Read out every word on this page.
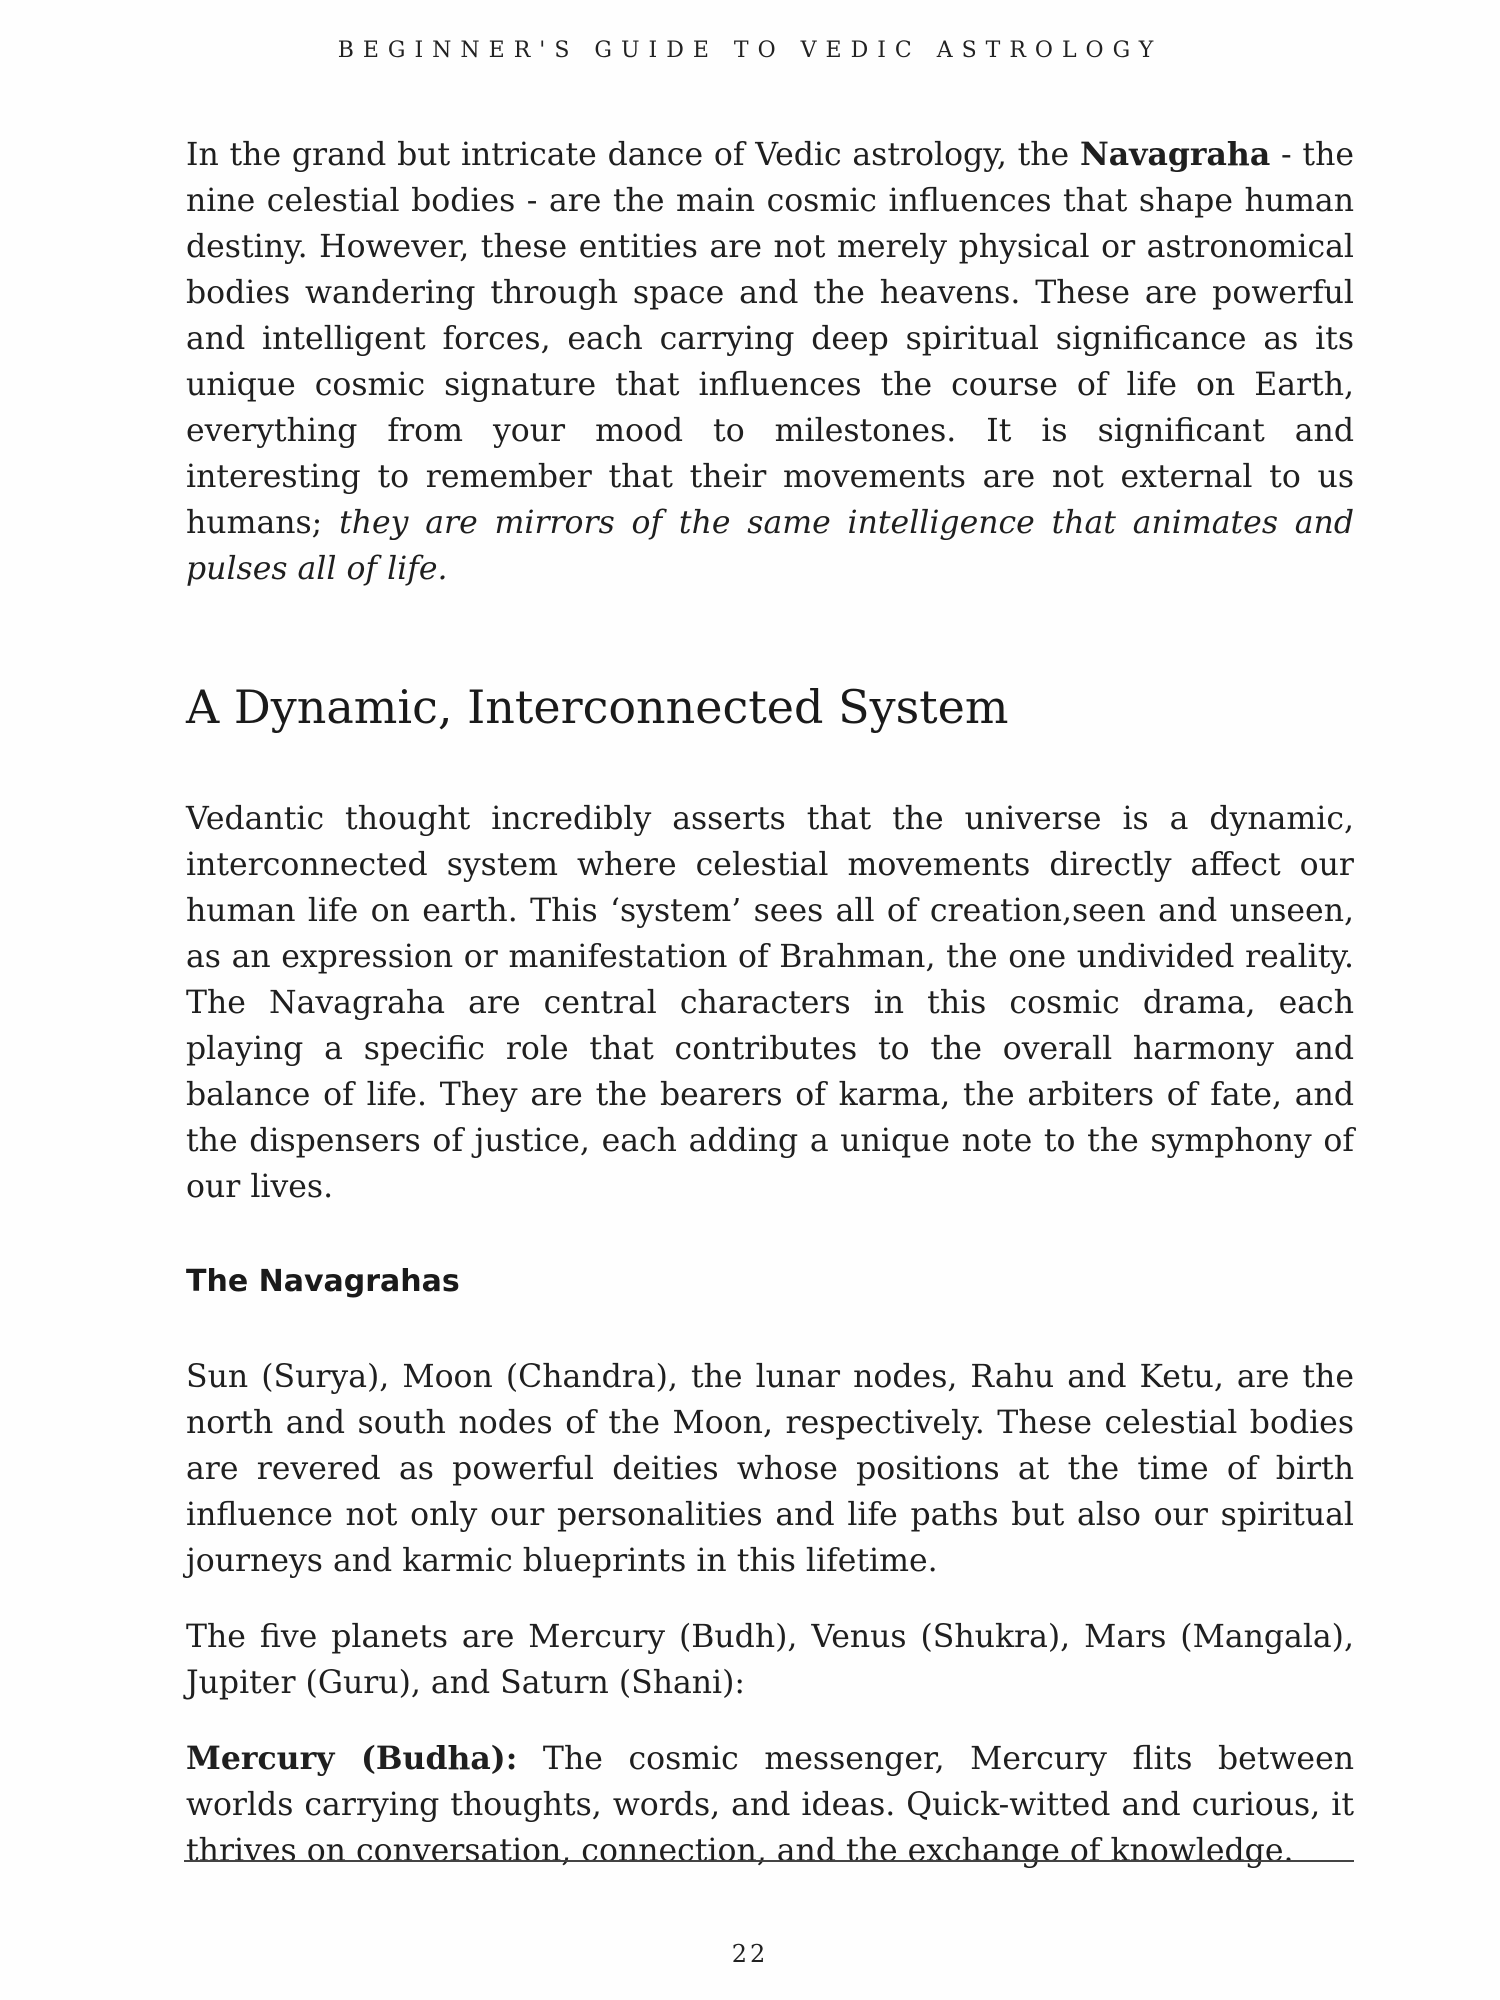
BEGINNER'S GUIDE TO VEDIC ASTROLOGY

In the grand but intricate dance of Vedic astrology, the Navagraha - the nine celestial bodies - are the main cosmic influences that shape human destiny. However, these entities are not merely physical or astronomical bodies wandering through space and the heavens. These are powerful and intelligent forces, each carrying deep spiritual significance as its unique cosmic signature that influences the course of life on Earth, everything from your mood to milestones. It is significant and interesting to remember that their movements are not external to us humans; they are mirrors of the same intelligence that animates and pulses all of life.

A Dynamic, Interconnected System

Vedantic thought incredibly asserts that the universe is a dynamic, interconnected system where celestial movements directly affect our human life on earth. This ‘system’ sees all of creation,seen and unseen, as an expression or manifestation of Brahman, the one undivided reality. The Navagraha are central characters in this cosmic drama, each playing a specific role that contributes to the overall harmony and balance of life. They are the bearers of karma, the arbiters of fate, and the dispensers of justice, each adding a unique note to the symphony of our lives.

The Navagrahas

Sun (Surya), Moon (Chandra), the lunar nodes, Rahu and Ketu, are the north and south nodes of the Moon, respectively. These celestial bodies are revered as powerful deities whose positions at the time of birth influence not only our personalities and life paths but also our spiritual journeys and karmic blueprints in this lifetime.

The five planets are Mercury (Budh), Venus (Shukra), Mars (Mangala), Jupiter (Guru), and Saturn (Shani):

Mercury (Budha): The cosmic messenger, Mercury flits between worlds carrying thoughts, words, and ideas. Quick-witted and curious, it thrives on conversation, connection, and the exchange of knowledge.

22
